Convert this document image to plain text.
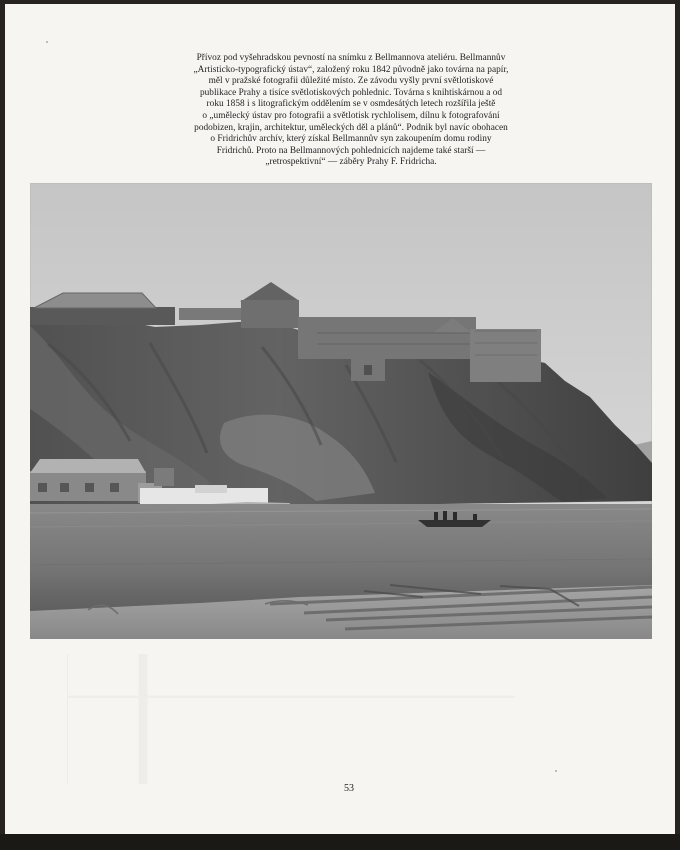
Přívoz pod vyšehradskou pevností na snímku z Bellmannova ateliéru. Bellmannův
„Artisticko-typografický ústav“, založený roku 1842 původně jako továrna na papír,
měl v pražské fotografii důležité místo. Ze závodu vyšly první světlotiskové
publikace Prahy a tisíce světlotiskových pohlednic. Továrna s knihtiskárnou a od
roku 1858 i s litografickým oddělením se v osmdesátých letech rozšířila ještě
o „umělecký ústav pro fotografii a světlotisk rychlolisem, dílnu k fotografování
podobizen, krajin, architektur, uměleckých děl a plánů“. Podnik byl navíc obohacen
o Fridrichův archív, který získal Bellmannův syn zakoupením domu rodiny
Fridrichů. Proto na Bellmannových pohlednicích najdeme také starší —
„retrospektivní“ — záběry Prahy F. Fridricha.

53
